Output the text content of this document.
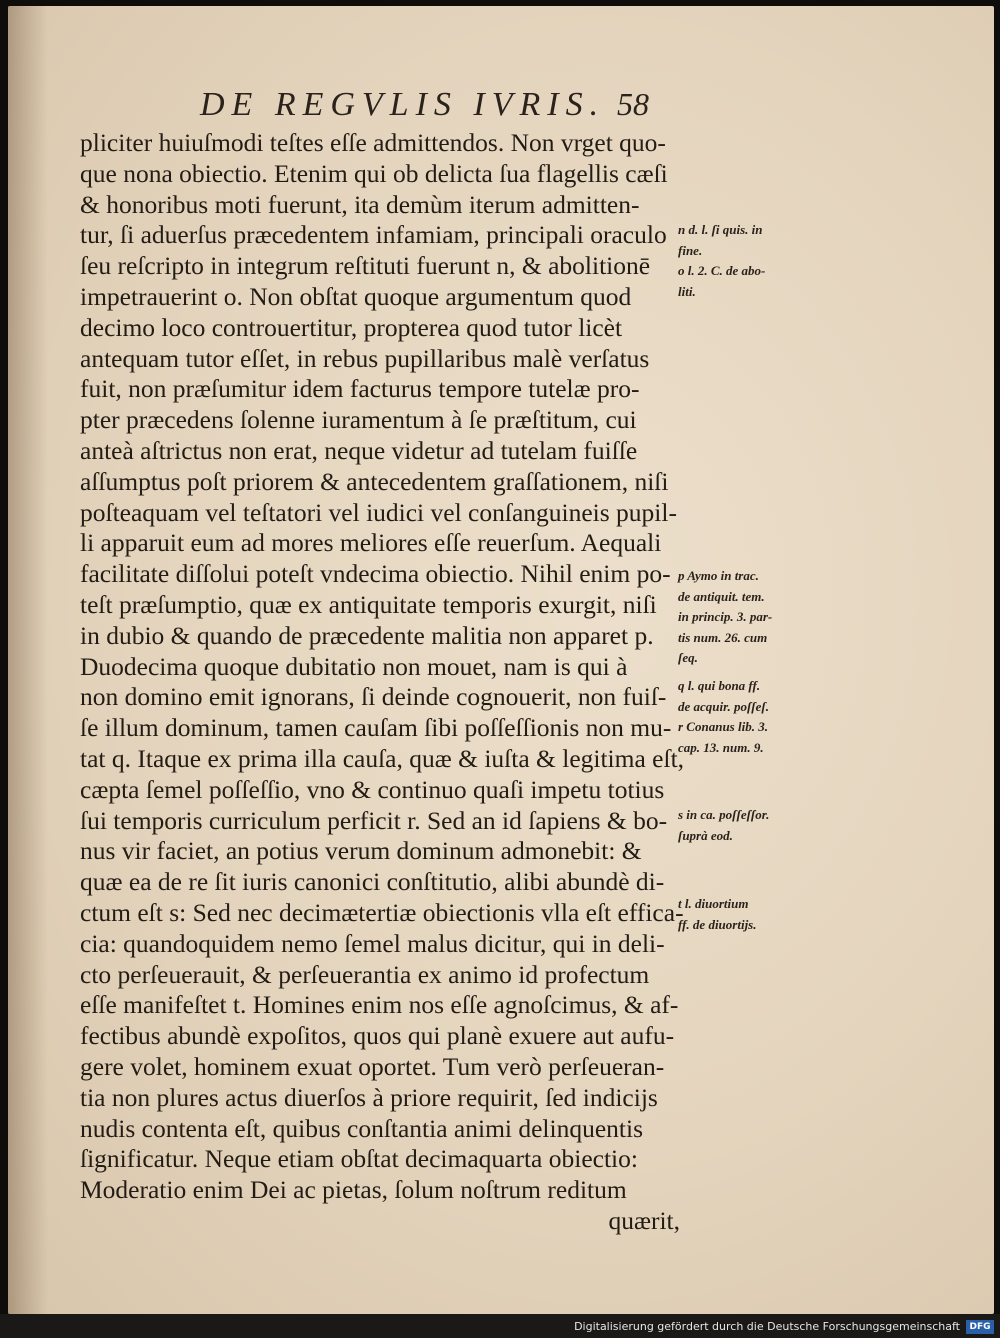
DE REGVLIS IVRIS. 58
pliciter huiuſmodi teſtes eſſe admittendos. Non vrget quo-
que nona obiectio. Etenim qui ob delicta ſua flagellis cæſi
& honoribus moti fuerunt, ita demùm iterum admitten-
tur, ſi aduerſus præcedentem infamiam, principali oraculo
ſeu reſcripto in integrum reſtituti fuerunt n, & abolitionē
impetrauerint o. Non obſtat quoque argumentum quod
decimo loco controuertitur, propterea quod tutor licèt
antequam tutor eſſet, in rebus pupillaribus malè verſatus
fuit, non præſumitur idem facturus tempore tutelæ pro-
pter præcedens ſolenne iuramentum à ſe præſtitum, cui
anteà aſtrictus non erat, neque videtur ad tutelam fuiſſe
aſſumptus poſt priorem & antecedentem graſſationem, niſi
poſteaquam vel teſtatori vel iudici vel conſanguineis pupil-
li apparuit eum ad mores meliores eſſe reuerſum. Aequali
facilitate diſſolui poteſt vndecima obiectio. Nihil enim po-
teſt præſumptio, quæ ex antiquitate temporis exurgit, niſi
in dubio & quando de præcedente malitia non apparet p.
Duodecima quoque dubitatio non mouet, nam is qui à
non domino emit ignorans, ſi deinde cognouerit, non fuiſ-
ſe illum dominum, tamen cauſam ſibi poſſeſſionis non mu-
tat q. Itaque ex prima illa cauſa, quæ & iuſta & legitima eſt,
cæpta ſemel poſſeſſio, vno & continuo quaſi impetu totius
ſui temporis curriculum perficit r. Sed an id ſapiens & bo-
nus vir faciet, an potius verum dominum admonebit: &
quæ ea de re ſit iuris canonici conſtitutio, alibi abundè di-
ctum eſt s: Sed nec decimætertiæ obiectionis vlla eſt effica-
cia: quandoquidem nemo ſemel malus dicitur, qui in deli-
cto perſeuerauit, & perſeuerantia ex animo id profectum
eſſe manifeſtet t. Homines enim nos eſſe agnoſcimus, & af-
fectibus abundè expoſitos, quos qui planè exuere aut aufu-
gere volet, hominem exuat oportet. Tum verò perſeueran-
tia non plures actus diuerſos à priore requirit, ſed indicijs
nudis contenta eſt, quibus conſtantia animi delinquentis
ſignificatur. Neque etiam obſtat decimaquarta obiectio:
Moderatio enim Dei ac pietas, ſolum noſtrum reditum
quærit,
n d. l. ſi quis. in
fine.
o l. 2. C. de abo-
liti.
p Aymo in trac.
de antiquit. tem.
in princip. 3. par-
tis num. 26. cum
ſeq.
q l. qui bona ff.
de acquir. poſſeſ.
r Conanus lib. 3.
cap. 13. num. 9.
s in ca. poſſeſſor.
ſuprà eod.
t l. diuortium
ff. de diuortijs.
Digitalisierung gefördert durch die Deutsche Forschungsgemeinschaft	DFG
